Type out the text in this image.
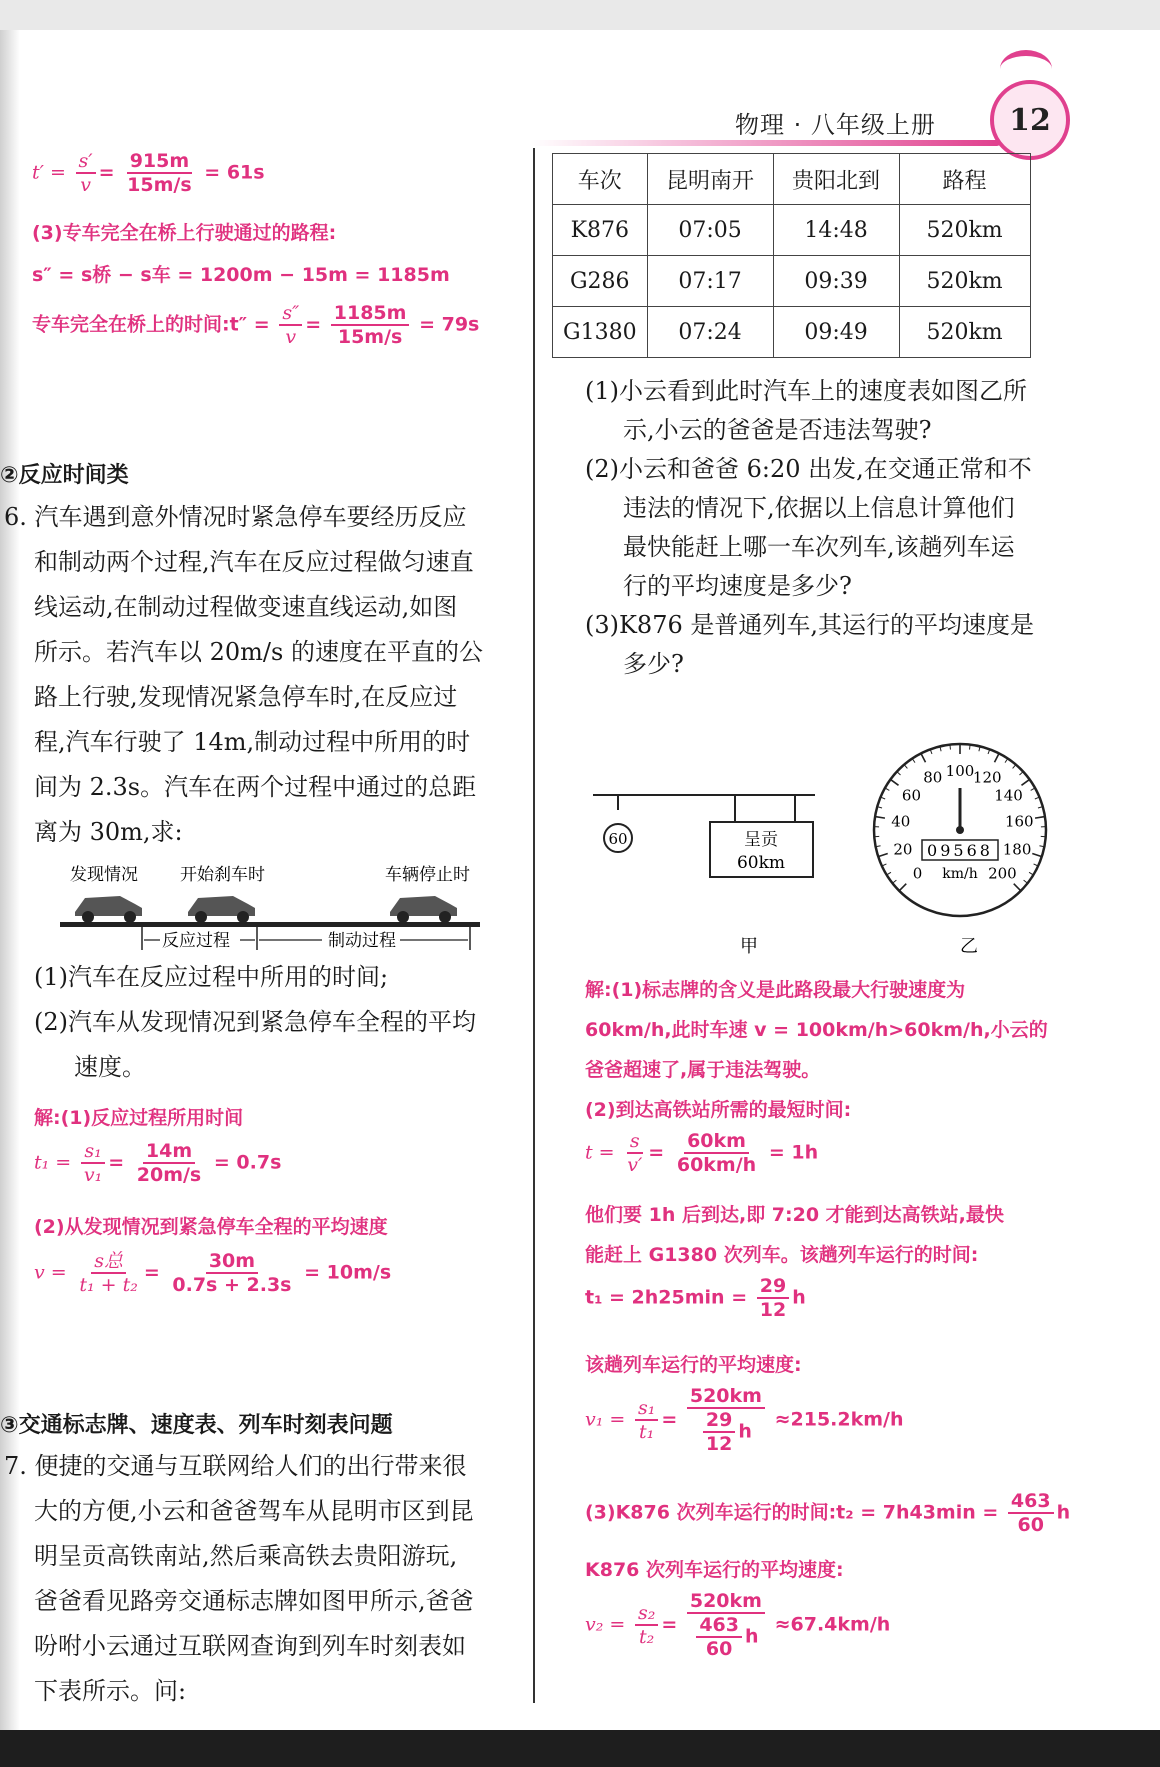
12
物理 · 八年级上册
$t' = \frac{s'}{v} = \frac{915m}{15m/s} = 61s$
(3)专车完全在桥上行驶通过的路程:
s″ = s桥 − s车 = 1200m − 15m = 1185m
专车完全在桥上的时间:t″ = $\frac{s''}{v} = \frac{1185m}{15m/s} = 79s$
②反应时间类
6. 汽车遇到意外情况时紧急停车要经历反应
和制动两个过程,汽车在反应过程做匀速直
线运动,在制动过程做变速直线运动,如图
所示。若汽车以 20m/s 的速度在平直的公
路上行驶,发现情况紧急停车时,在反应过
程,汽车行驶了 14m,制动过程中所用的时
间为 2.3s。汽车在两个过程中通过的总距
离为 30m,求:
发现情况 开始刹车时	车辆停止时
反应过程	制动过程
(1)汽车在反应过程中所用的时间;
(2)汽车从发现情况到紧急停车全程的平均
速度。
解:(1)反应过程所用时间
$t_1 = \frac{\text{s₁}}{\text{v₁}} = \frac{14m}{20m/s} = 0.7s$
(2)从发现情况到紧急停车全程的平均速度
$v = \frac{\text{s总}}{\text{t₁ + t₂}} = \frac{30m}{0.7s + 2.3s} = 10m/s$
③交通标志牌、速度表、列车时刻表问题
7. 便捷的交通与互联网给人们的出行带来很
大的方便,小云和爸爸驾车从昆明市区到昆
明呈贡高铁南站,然后乘高铁去贵阳游玩,
爸爸看见路旁交通标志牌如图甲所示,爸爸
吩咐小云通过互联网查询到列车时刻表如
下表所示。问:
车次	昆明南开	贵阳北到	路程
K876	07:05	14:48	520km
G286	07:17	09:39	520km
G1380	07:24	09:49	520km
(1)小云看到此时汽车上的速度表如图乙所
示,小云的爸爸是否违法驾驶?
(2)小云和爸爸 6:20 出发,在交通正常和不
违法的情况下,依据以上信息计算他们
最快能赶上哪一车次列车,该趟列车运
行的平均速度是多少?
(3)K876 是普通列车,其运行的平均速度是
多少?
60	呈贡
60km
甲	乙
0
20
40
60
80 100
120
140
160
180
200
09568
km/h
解:(1)标志牌的含义是此路段最大行驶速度为
60km/h,此时车速 v = 100km/h>60km/h,小云的
爸爸超速了,属于违法驾驶。
(2)到达高铁站所需的最短时间:
$t = \frac{s}{v'} = \frac{60km}{60km/h} = 1h$
他们要 1h 后到达,即 7:20 才能到达高铁站,最快
能赶上 G1380 次列车。该趟列车运行的时间:
$t_1 = 2h25\min = \frac{29}{12}$ h
该趟列车运行的平均速度:
$v_1 = \frac{\text{s₁}}{\text{t₁}} = \frac{520km}{\frac{29}{12} h} \approx 215.2km/h$
(3)K876 次列车运行的时间:t₂ = $7h43\min = \frac{463}{60}$ h
K876 次列车运行的平均速度:
$v_2 = \frac{\text{s₂}}{\text{t₂}} = \frac{520km}{\frac{463}{60} h} \approx 67.4km/h$
